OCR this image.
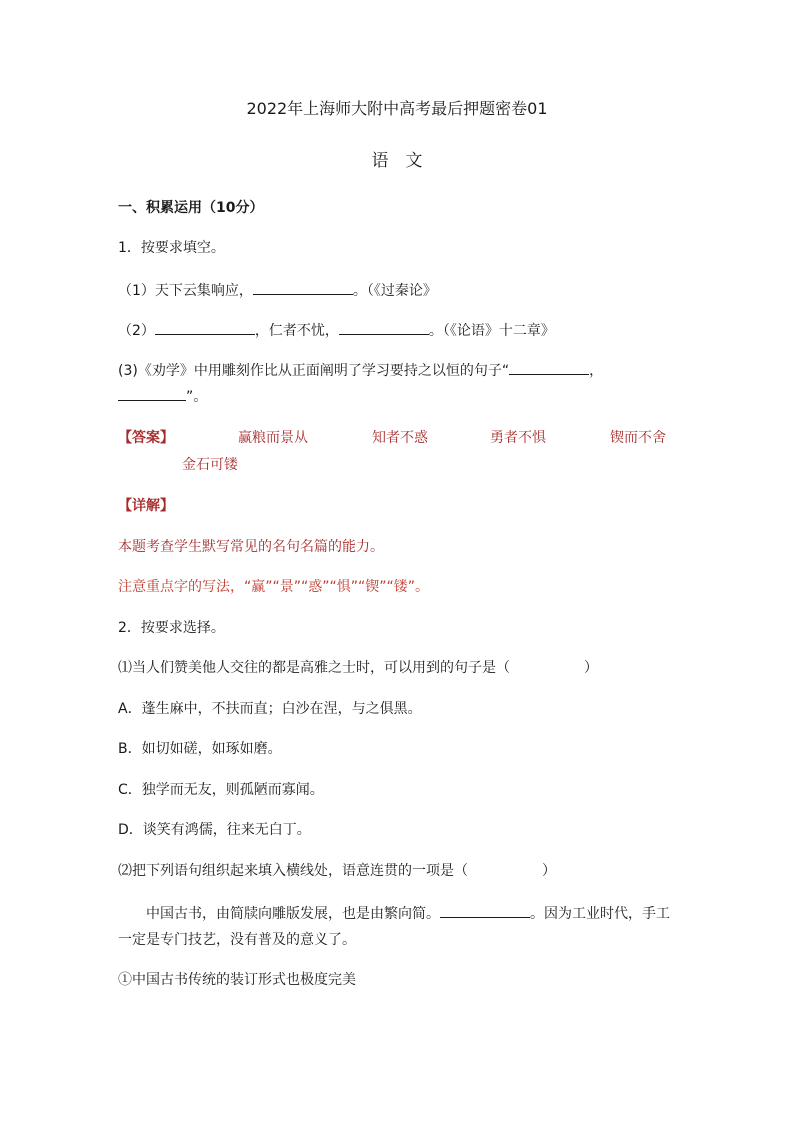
2022年上海师大附中高考最后押题密卷01
语　文
一、积累运用（10分）
1．按要求填空。
（1）天下云集响应，	。（《过秦论》
（2）	，仁者不忧，	。（《论语》十二章》
(3)《劝学》中用雕刻作比从正面阐明了学习要持之以恒的句子“	，
”。
【答案】	赢粮而景从	知者不惑	勇者不惧	锲而不舍
金石可镂
【详解】
本题考查学生默写常见的名句名篇的能力。
注意重点字的写法，“赢”“景”“惑”“惧”“锲”“镂”。
2．按要求选择。
⑴当人们赞美他人交往的都是高雅之士时，可以用到的句子是（	）
A．蓬生麻中，不扶而直；白沙在涅，与之俱黑。
B．如切如磋，如琢如磨。
C．独学而无友，则孤陋而寡闻。
D．谈笑有鸿儒，往来无白丁。
⑵把下列语句组织起来填入横线处，语意连贯的一项是（	）
中国古书，由简牍向雕版发展，也是由繁向简。	。因为工业时代，手工
一定是专门技艺，没有普及的意义了。
①中国古书传统的装订形式也极度完美
